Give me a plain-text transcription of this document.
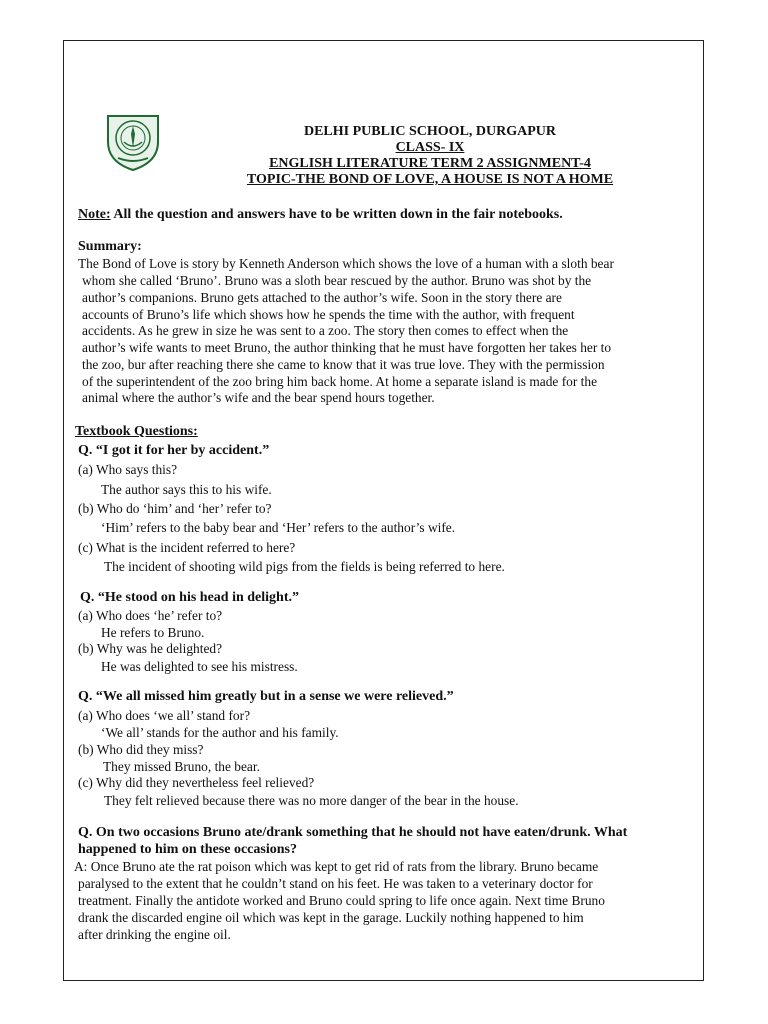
DELHI PUBLIC SCHOOL, DURGAPUR
CLASS- IX
ENGLISH LITERATURE TERM 2 ASSIGNMENT-4
TOPIC-THE BOND OF LOVE, A HOUSE IS NOT A HOME
Note: All the question and answers have to be written down in the fair notebooks.
Summary:
The Bond of Love is story by Kenneth Anderson which shows the love of a human with a sloth bear
whom she called ‘Bruno’. Bruno was a sloth bear rescued by the author. Bruno was shot by the
author’s companions. Bruno gets attached to the author’s wife. Soon in the story there are
accounts of Bruno’s life which shows how he spends the time with the author, with frequent
accidents. As he grew in size he was sent to a zoo. The story then comes to effect when the
author’s wife wants to meet Bruno, the author thinking that he must have forgotten her takes her to
the zoo, bur after reaching there she came to know that it was true love. They with the permission
of the superintendent of the zoo bring him back home. At home a separate island is made for the
animal where the author’s wife and the bear spend hours together.
Textbook Questions:
Q. “I got it for her by accident.”
(a) Who says this?
The author says this to his wife.
(b) Who do ‘him’ and ‘her’ refer to?
‘Him’ refers to the baby bear and ‘Her’ refers to the author’s wife.
(c) What is the incident referred to here?
The incident of shooting wild pigs from the fields is being referred to here.
Q. “He stood on his head in delight.”
(a) Who does ‘he’ refer to?
He refers to Bruno.
(b) Why was he delighted?
He was delighted to see his mistress.
Q. “We all missed him greatly but in a sense we were relieved.”
(a) Who does ‘we all’ stand for?
‘We all’ stands for the author and his family.
(b) Who did they miss?
They missed Bruno, the bear.
(c) Why did they nevertheless feel relieved?
They felt relieved because there was no more danger of the bear in the house.
Q. On two occasions Bruno ate/drank something that he should not have eaten/drunk. What
happened to him on these occasions?
A: Once Bruno ate the rat poison which was kept to get rid of rats from the library. Bruno became
paralysed to the extent that he couldn’t stand on his feet. He was taken to a veterinary doctor for
treatment. Finally the antidote worked and Bruno could spring to life once again. Next time Bruno
drank the discarded engine oil which was kept in the garage. Luckily nothing happened to him
after drinking the engine oil.
